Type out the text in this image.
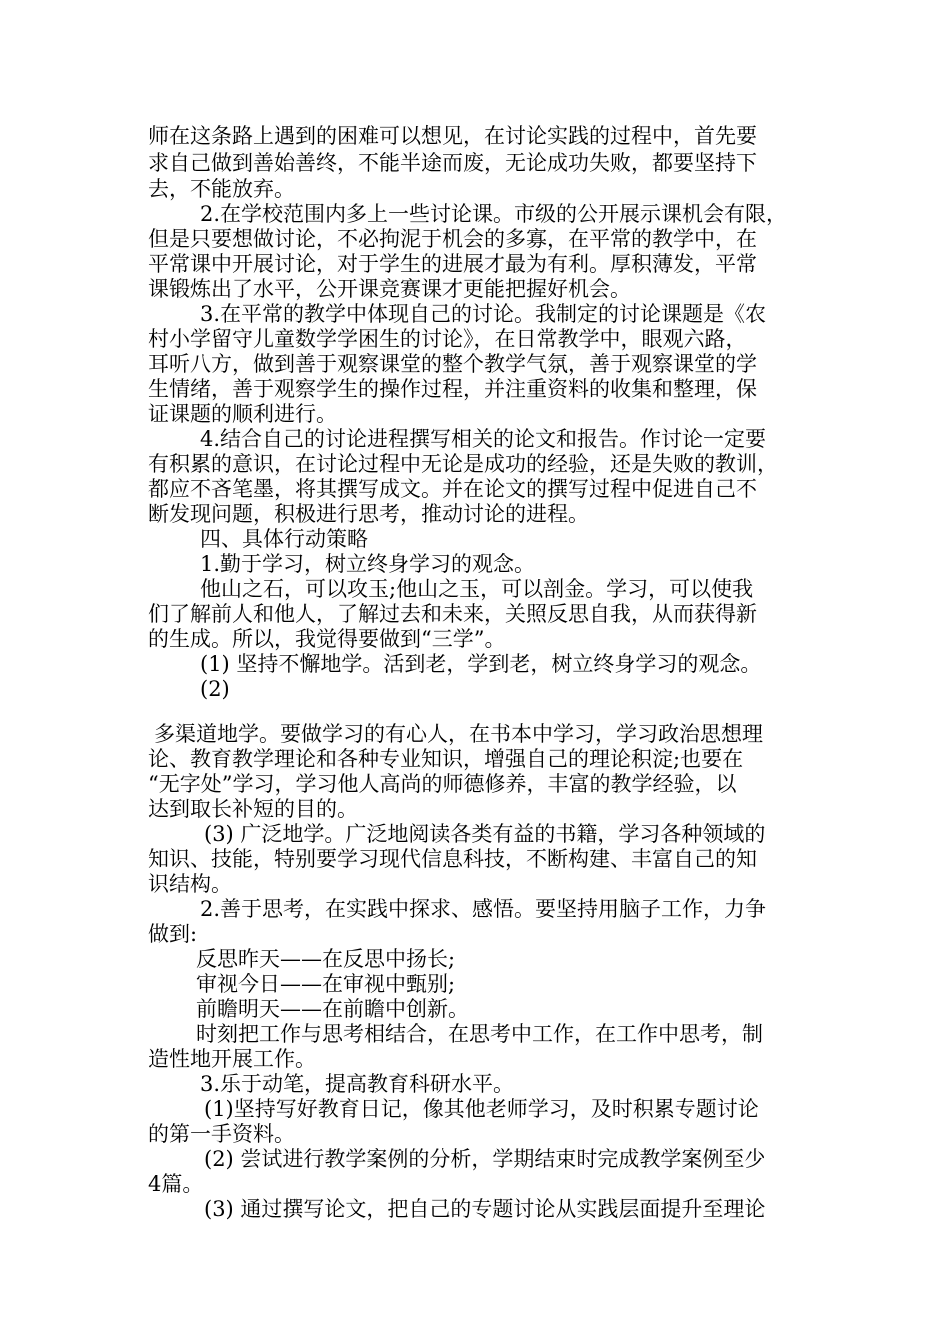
师在这条路上遇到的困难可以想见，在讨论实践的过程中，首先要
求自己做到善始善终，不能半途而废，无论成功失败，都要坚持下
去，不能放弃。
2.在学校范围内多上一些讨论课。市级的公开展示课机会有限，
但是只要想做讨论，不必拘泥于机会的多寡，在平常的教学中，在
平常课中开展讨论，对于学生的进展才最为有利。厚积薄发，平常
课锻炼出了水平，公开课竞赛课才更能把握好机会。
3.在平常的教学中体现自己的讨论。我制定的讨论课题是《农
村小学留守儿童数学学困生的讨论》，在日常教学中，眼观六路，
耳听八方，做到善于观察课堂的整个教学气氛，善于观察课堂的学
生情绪，善于观察学生的操作过程，并注重资料的收集和整理，保
证课题的顺利进行。
4.结合自己的讨论进程撰写相关的论文和报告。作讨论一定要
有积累的意识，在讨论过程中无论是成功的经验，还是失败的教训，
都应不吝笔墨，将其撰写成文。并在论文的撰写过程中促进自己不
断发现问题，积极进行思考，推动讨论的进程。
四、具体行动策略
1.勤于学习，树立终身学习的观念。
他山之石，可以攻玉;他山之玉，可以剖金。学习，可以使我
们了解前人和他人，了解过去和未来，关照反思自我，从而获得新
的生成。所以，我觉得要做到“三学”。
(1) 坚持不懈地学。活到老，学到老，树立终身学习的观念。
(2)
多渠道地学。要做学习的有心人，在书本中学习，学习政治思想理
论、教育教学理论和各种专业知识，增强自己的理论积淀;也要在
“无字处”学习，学习他人高尚的师德修养，丰富的教学经验，以
达到取长补短的目的。
(3) 广泛地学。广泛地阅读各类有益的书籍，学习各种领域的
知识、技能，特别要学习现代信息科技，不断构建、丰富自己的知
识结构。
2.善于思考，在实践中探求、感悟。要坚持用脑子工作，力争
做到:
反思昨天——在反思中扬长;
审视今日——在审视中甄别;
前瞻明天——在前瞻中创新。
时刻把工作与思考相结合，在思考中工作，在工作中思考，制
造性地开展工作。
3.乐于动笔，提高教育科研水平。
(1)坚持写好教育日记，像其他老师学习，及时积累专题讨论
的第一手资料。
(2) 尝试进行教学案例的分析，学期结束时完成教学案例至少
4篇。
(3) 通过撰写论文，把自己的专题讨论从实践层面提升至理论
